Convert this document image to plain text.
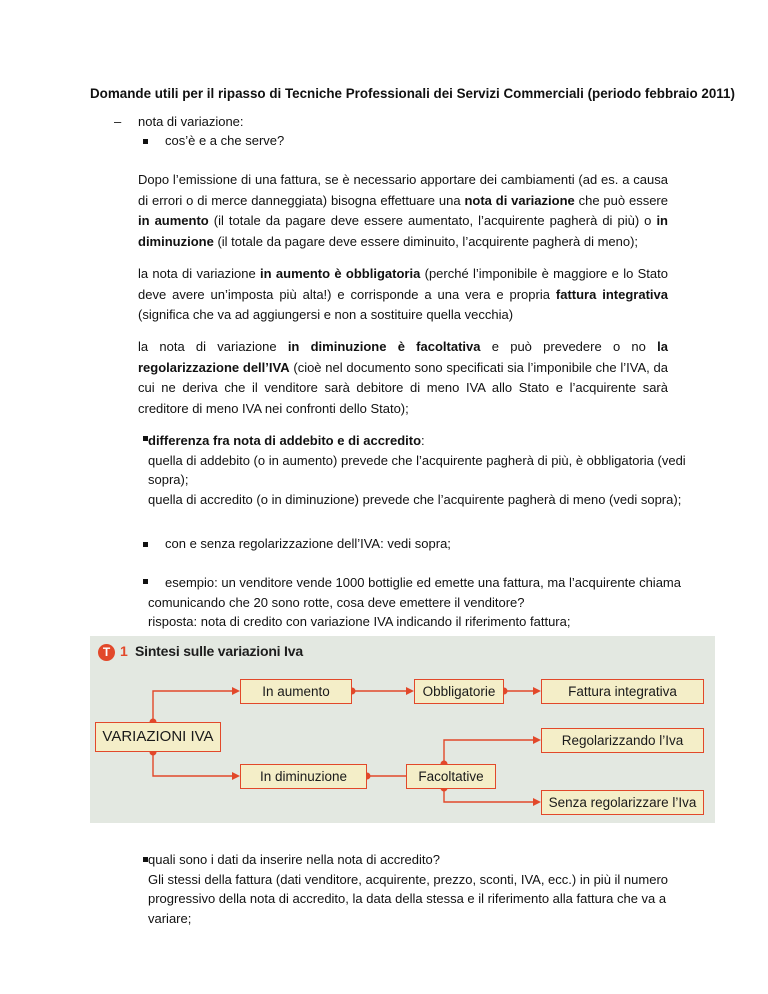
Domande utili per il ripasso di Tecniche Professionali dei Servizi Commerciali (periodo febbraio 2011)
– nota di variazione:
cos’è e a che serve?
Dopo l’emissione di una fattura, se è necessario apportare dei cambiamenti (ad es. a causa di errori o di merce danneggiata) bisogna effettuare una nota di variazione che può essere in aumento (il totale da pagare deve essere aumentato, l’acquirente pagherà di più) o in diminuzione (il totale da pagare deve essere diminuito, l’acquirente pagherà di meno);
la nota di variazione in aumento è obbligatoria (perché l’imponibile è maggiore e lo Stato deve avere un’imposta più alta!) e corrisponde a una vera e propria fattura integrativa (significa che va ad aggiungersi e non a sostituire quella vecchia)
la nota di variazione in diminuzione è facoltativa e può prevedere o no la regolarizzazione dell’IVA (cioè nel documento sono specificati sia l’imponibile che l’IVA, da cui ne deriva che il venditore sarà debitore di meno IVA allo Stato e l’acquirente sarà creditore di meno IVA nei confronti dello Stato);
differenza fra nota di addebito e di accredito:
quella di addebito (o in aumento) prevede che l’acquirente pagherà di più, è obbligatoria (vedi sopra);
quella di accredito (o in diminuzione) prevede che l’acquirente pagherà di meno (vedi sopra);
con e senza regolarizzazione dell’IVA: vedi sopra;
esempio: un venditore vende 1000 bottiglie ed emette una fattura, ma l’acquirente chiama comunicando che 20 sono rotte, cosa deve emettere il venditore?
risposta: nota di credito con variazione IVA indicando il riferimento fattura;
T 1 Sintesi sulle variazioni Iva
VARIAZIONI IVA
In aumento
In diminuzione
Obbligatorie
Facoltative
Fattura integrativa
Regolarizzando l’Iva
Senza regolarizzare l’Iva
quali sono i dati da inserire nella nota di accredito?
Gli stessi della fattura (dati venditore, acquirente, prezzo, sconti, IVA, ecc.) in più il numero progressivo della nota di accredito, la data della stessa e il riferimento alla fattura che va a variare;
